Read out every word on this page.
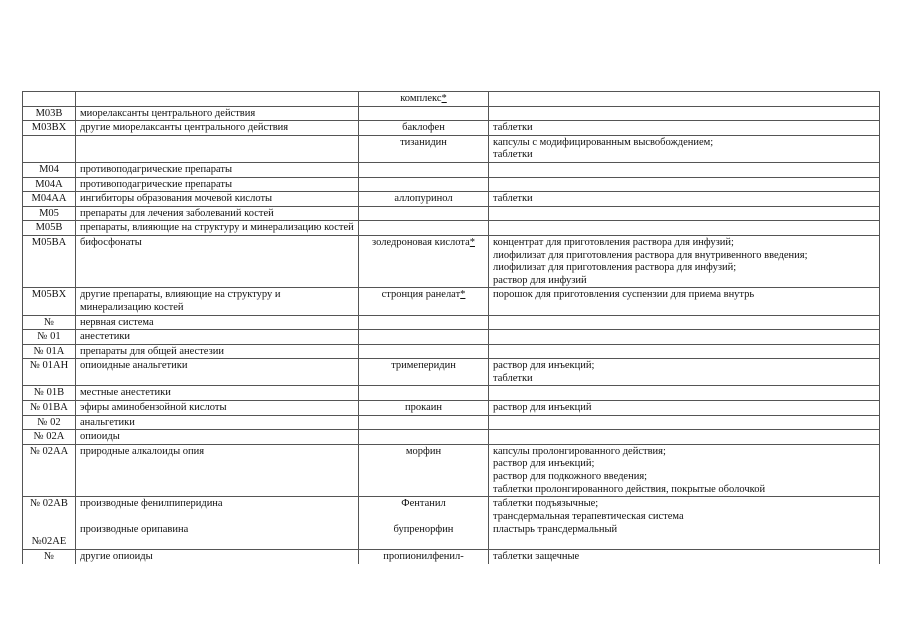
		комплекс*	
M03B	миорелаксанты центрального действия		
M03BX	другие миорелаксанты центрального действия	баклофен	таблетки

		тизанидин	капсулы с модифицированным высвобождением;
таблетки

M04	противоподагрические препараты		
M04A	противоподагрические препараты		
M04AA	ингибиторы образования мочевой кислоты	аллопуринол	таблетки

M05	препараты для лечения заболеваний костей		
M05B	препараты, влияющие на структуру и минерализацию костей		

M05BA	бифосфонаты	золедроновая кислота*	концентрат для приготовления раствора для инфузий;
лиофилизат для приготовления раствора для внутривенного введения;
лиофилизат для приготовления раствора для инфузий;
раствор для инфузий

M05BX	другие препараты, влияющие на структуру и минерализацию костей	стронция ранелат*	порошок для приготовления суспензии для приема внутрь

№	нервная система		
№ 01	анестетики		
№ 01A	препараты для общей анестезии		

№ 01AH	опиоидные анальгетики	тримеперидин	раствор для инъекций;
таблетки

№ 01B	местные анестетики		

№ 01BA	эфиры аминобензойной кислоты	прокаин	раствор для инъекций

№ 02	анальгетики		
№ 02A	опиоиды		

№ 02AA	природные алкалоиды опия	морфин	капсулы пролонгированного действия;
раствор для инъекций;
раствор для подкожного введения;
таблетки пролонгированного действия, покрытые оболочкой

№ 02AB	производные фенилпиперидина	Фентанил	таблетки подъязычные;
трансдермальная терапевтическая система

№02AE	производные орипавина	бупренорфин	пластырь трансдермальный

№	другие опиоиды	пропионилфенил-	таблетки защечные
